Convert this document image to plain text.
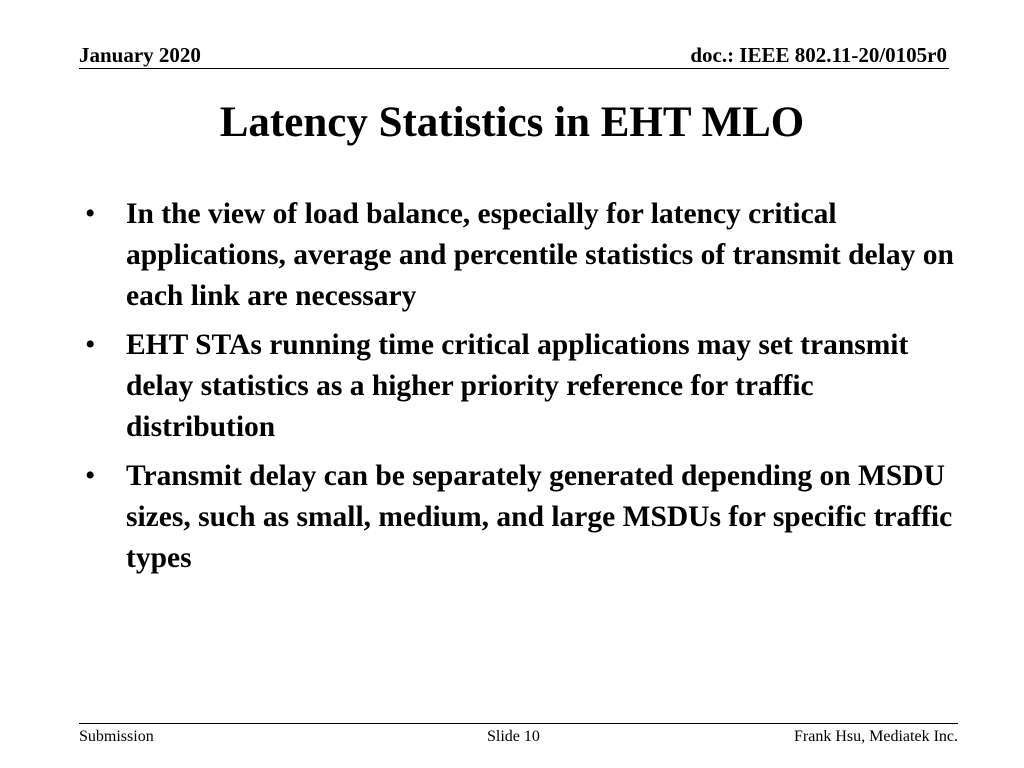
January 2020	doc.: IEEE 802.11-20/0105r0
Latency Statistics in EHT MLO
• In the view of load balance, especially for latency critical applications, average and percentile statistics of transmit delay on each link are necessary
• EHT STAs running time critical applications may set transmit delay statistics as a higher priority reference for traffic distribution
• Transmit delay can be separately generated depending on MSDU sizes, such as small, medium, and large MSDUs for specific traffic types
Submission	Slide 10	Frank Hsu, Mediatek Inc.
